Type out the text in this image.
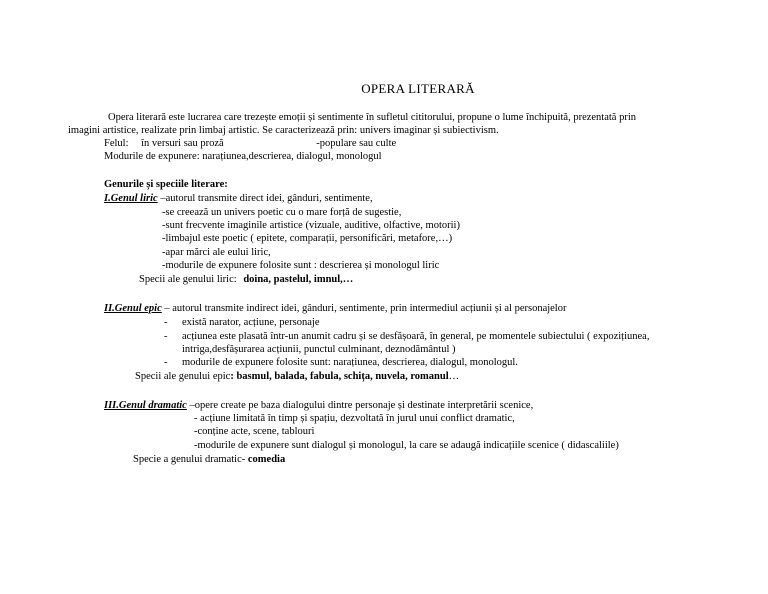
OPERA LITERARĂ
Opera literară este lucrarea care trezește emoții și sentimente în sufletul cititorului, propune o lume închipuită, prezentată prin
imagini artistice, realizate prin limbaj artistic. Se caracterizează prin: univers imaginar și subiectivism.
Felul: în versuri sau proză	-populare sau culte
Modurile de expunere: narațiunea,descrierea, dialogul, monologul
Genurile și speciile literare:
I.Genul liric –autorul transmite direct idei, gânduri, sentimente,
-se creează un univers poetic cu o mare forță de sugestie,
-sunt frecvente imaginile artistice (vizuale, auditive, olfactive, motorii)
-limbajul este poetic ( epitete, comparații, personificări, metafore,…)
-apar mărci ale eului liric,
-modurile de expunere folosite sunt : descrierea și monologul liric
Specii ale genului liric: doina, pastelul, imnul,…
II.Genul epic – autorul transmite indirect idei, gânduri, sentimente, prin intermediul acțiunii și al personajelor
- există narator, acțiune, personaje
- acțiunea este plasată într-un anumit cadru și se desfășoară, în general, pe momentele subiectului ( expozițiunea,
intriga,desfășurarea acțiunii, punctul culminant, deznodământul )
- modurile de expunere folosite sunt: narațiunea, descrierea, dialogul, monologul.
Specii ale genului epic: basmul, balada, fabula, schița, nuvela, romanul…
III.Genul dramatic –opere create pe baza dialogului dintre personaje și destinate interpretării scenice,
- acțiune limitată în timp și spațiu, dezvoltată în jurul unui conflict dramatic,
-conține acte, scene, tablouri
-modurile de expunere sunt dialogul și monologul, la care se adaugă indicațiile scenice ( didascaliile)
Specie a genului dramatic- comedia
